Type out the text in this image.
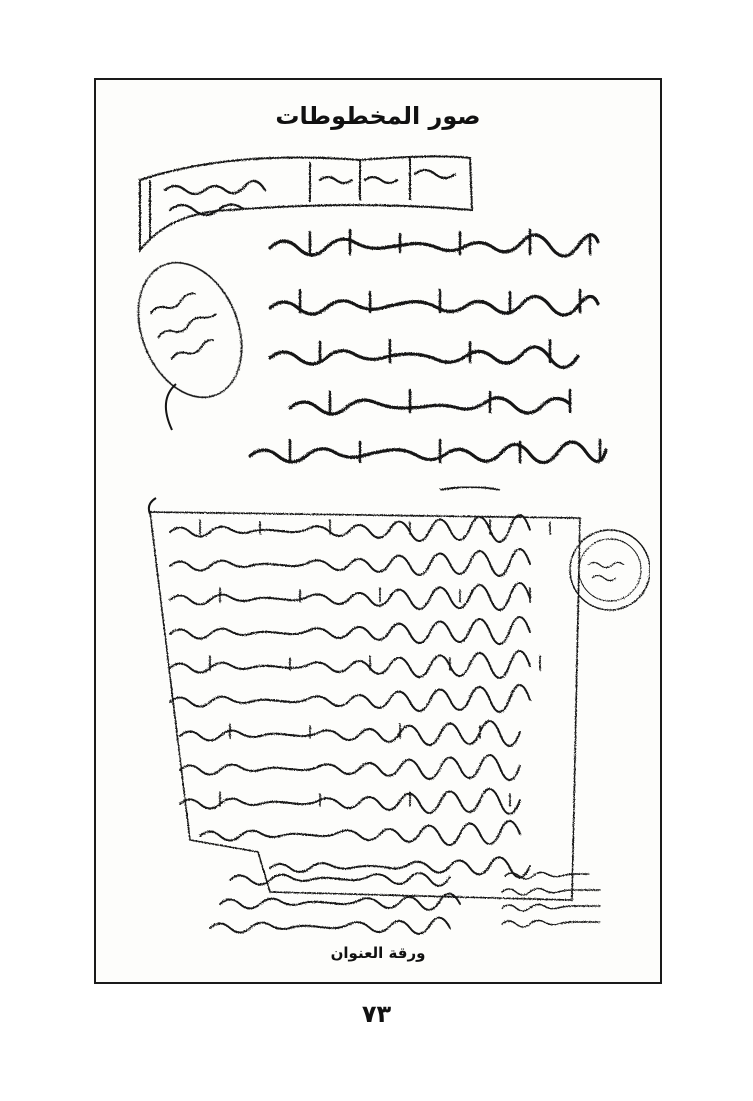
صور المخطوطات
ورقة العنوان
٧٣
